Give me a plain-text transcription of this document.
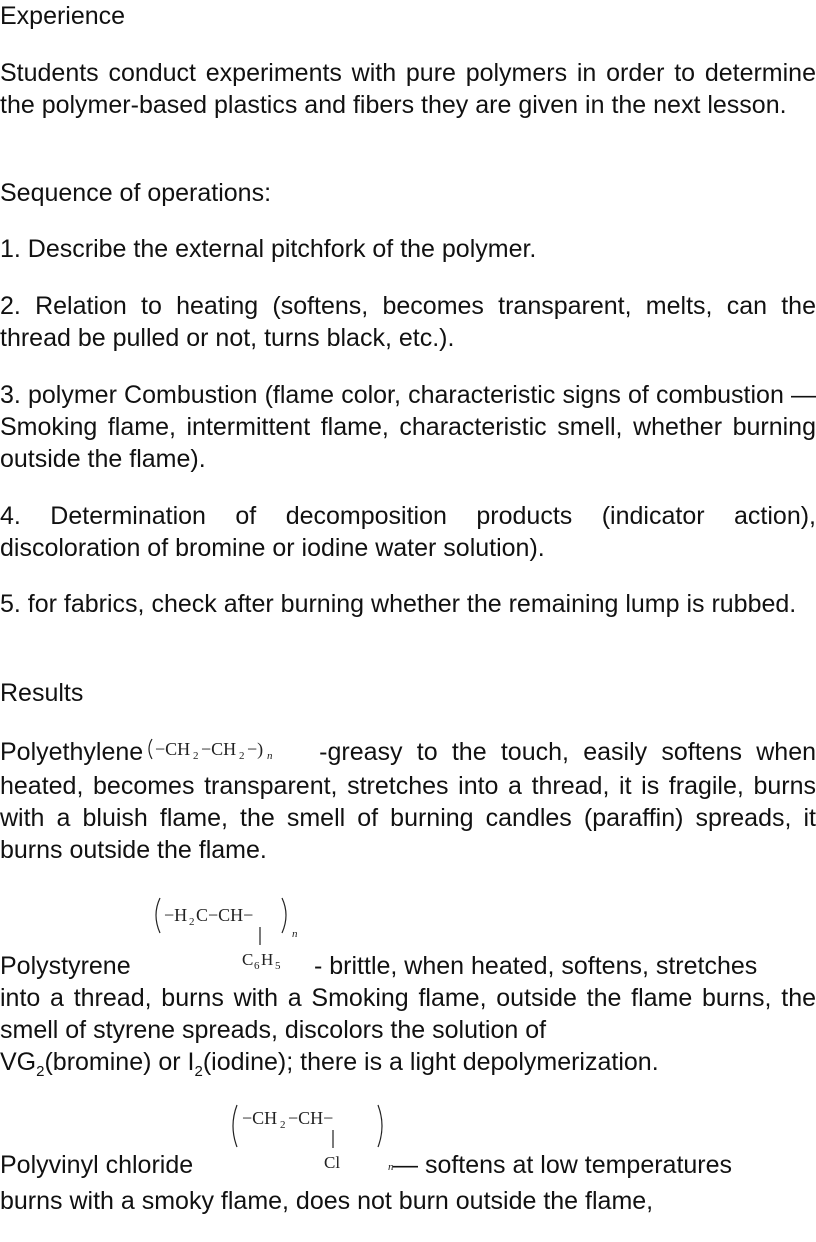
Experience

Students conduct experiments with pure polymers in order to determine the polymer-based plastics and fibers they are given in the next lesson.

Sequence of operations:

1. Describe the external pitchfork of the polymer.

2. Relation to heating (softens, becomes transparent, melts, can the thread be pulled or not, turns black, etc.).

3. polymer Combustion (flame color, characteristic signs of combustion — Smoking flame, intermittent flame, characteristic smell, whether burning outside the flame).

4. Determination of decomposition products (indicator action), discoloration of bromine or iodine water solution).

5. for fabrics, check after burning whether the remaining lump is rubbed.

Results

Polyethylene −CH 2 −CH 2 −) n -greasy to the touch, easily softens when heated, becomes transparent, stretches into a thread, it is fragile, burns with a bluish flame, the smell of burning candles (paraffin) spreads, it burns outside the flame.
−H 2 C−CH−
n
C 6 H 5
Polystyrene	- brittle, when heated, softens, stretches
into a thread, burns with a Smoking flame, outside the flame burns, the smell of styrene spreads, discolors the solution of
$VG_2(bromine)$ or $I_2(iodine)$; there is a light depolymerization.
−CH 2 −CH−
n
Cl
Polyvinyl chloride	— softens at low temperatures
burns with a smoky flame, does not burn outside the flame,
